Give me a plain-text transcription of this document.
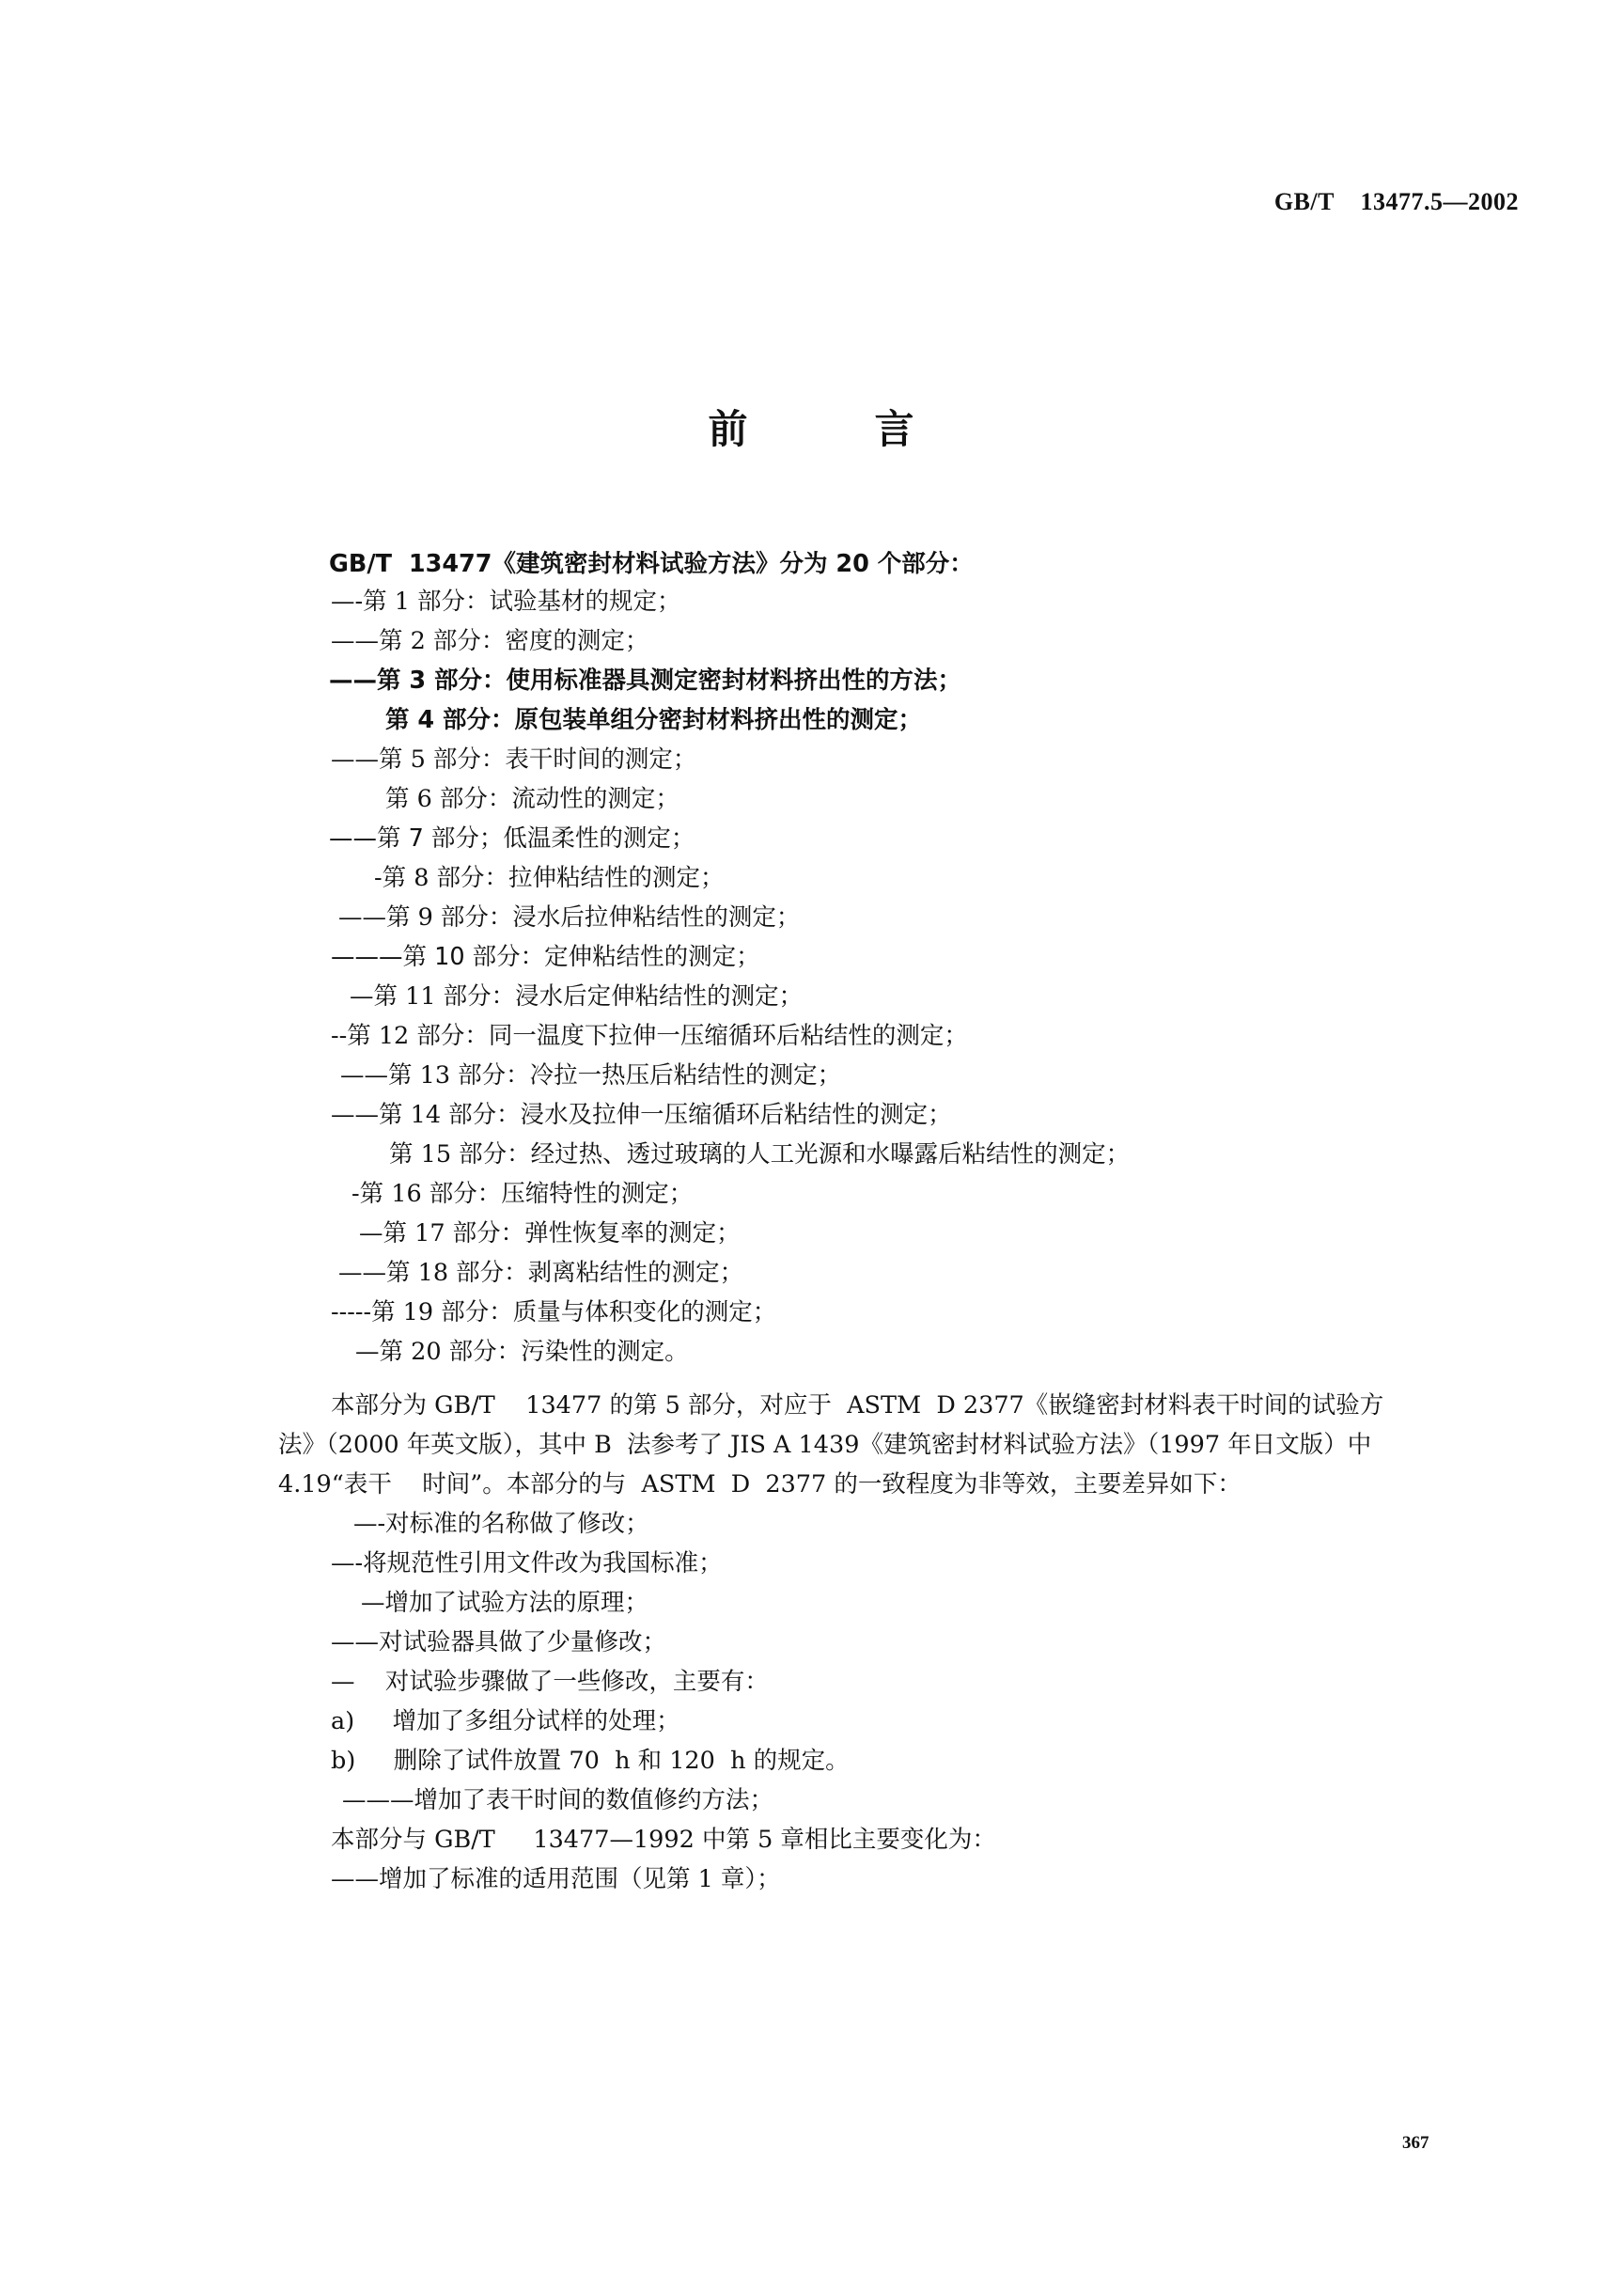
GB/T    13477.5—2002
前        言
GB/T  13477《建筑密封材料试验方法》分为 20 个部分：
—-第 1 部分：试验基材的规定；
——第 2 部分：密度的测定；
——第 3 部分：使用标准器具测定密封材料挤出性的方法；
第 4 部分：原包装单组分密封材料挤出性的测定；
——第 5 部分：表干时间的测定；
第 6 部分：流动性的测定；
——第 7 部分；低温柔性的测定；
-第 8 部分：拉伸粘结性的测定；
——第 9 部分：浸水后拉伸粘结性的测定；
———第 10 部分：定伸粘结性的测定；
—第 11 部分：浸水后定伸粘结性的测定；
--第 12 部分：同一温度下拉伸一压缩循环后粘结性的测定；
——第 13 部分：冷拉一热压后粘结性的测定；
——第 14 部分：浸水及拉伸一压缩循环后粘结性的测定；
第 15 部分：经过热、透过玻璃的人工光源和水曝露后粘结性的测定；
-第 16 部分：压缩特性的测定；
—第 17 部分：弹性恢复率的测定；
——第 18 部分：剥离粘结性的测定；
-----第 19 部分：质量与体积变化的测定；
—第 20 部分：污染性的测定。
本部分为 GB/T    13477 的第 5 部分，对应于  ASTM  D 2377《嵌缝密封材料表干时间的试验方
法》（2000 年英文版），其中 B  法参考了 JIS A 1439《建筑密封材料试验方法》（1997 年日文版）中
4.19“表干    时间”。本部分的与  ASTM  D  2377 的一致程度为非等效，主要差异如下：
—-对标准的名称做了修改；
—-将规范性引用文件改为我国标准；
—增加了试验方法的原理；
——对试验器具做了少量修改；
—    对试验步骤做了一些修改，主要有：
a)     增加了多组分试样的处理；
b)     删除了试件放置 70  h 和 120  h 的规定。
———增加了表干时间的数值修约方法；
本部分与 GB/T     13477—1992 中第 5 章相比主要变化为：
——增加了标准的适用范围（见第 1 章）；
367
